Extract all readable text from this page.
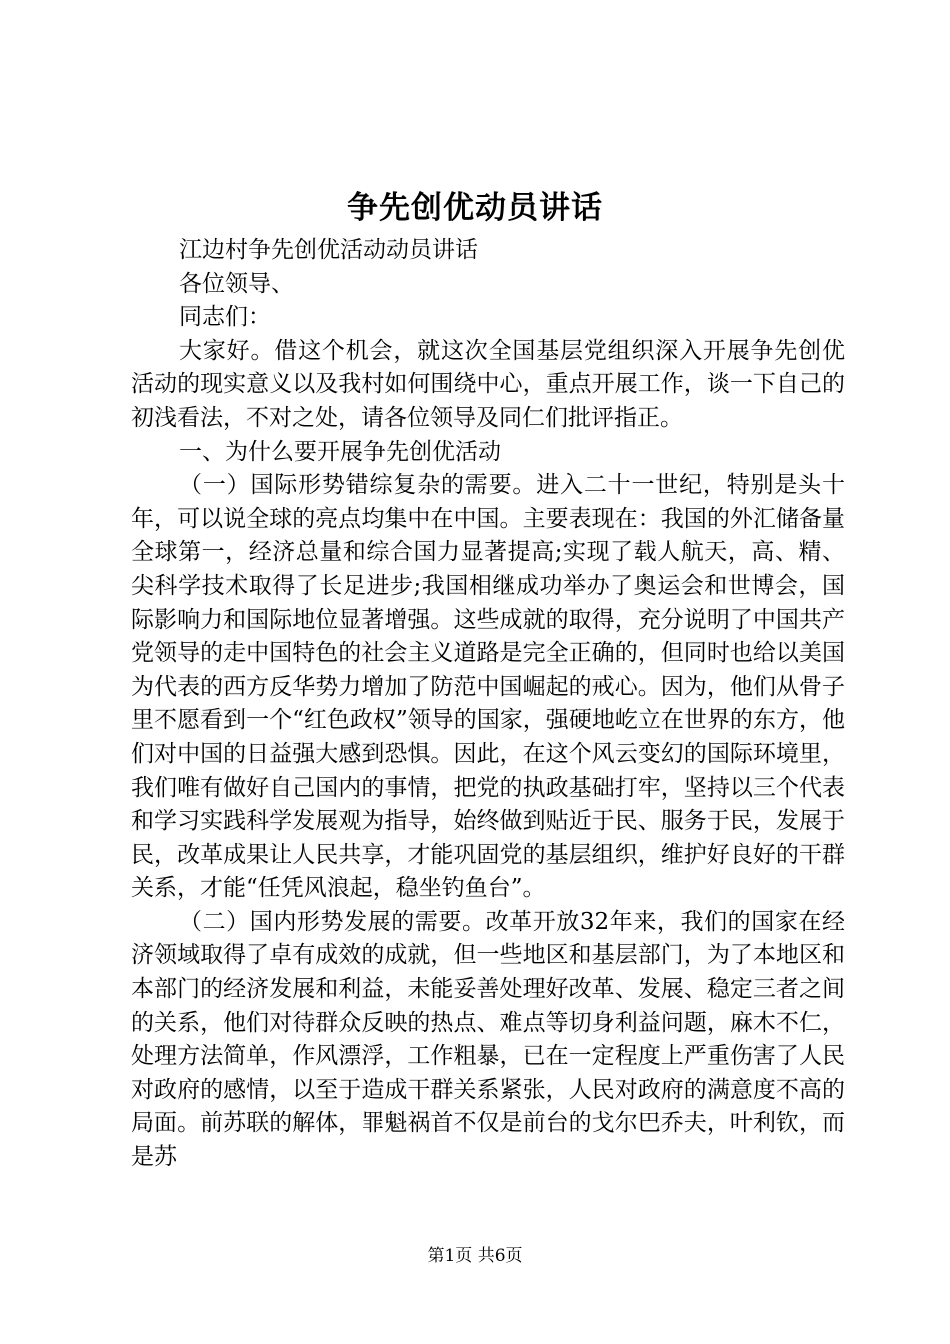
争先创优动员讲话
江边村争先创优活动动员讲话
各位领导、
同志们：

大家好。借这个机会，就这次全国基层党组织深入开展争先创优活动的现实意义以及我村如何围绕中心，重点开展工作，谈一下自己的初浅看法，不对之处，请各位领导及同仁们批评指正。

一、为什么要开展争先创优活动

（一）国际形势错综复杂的需要。进入二十一世纪，特别是头十年，可以说全球的亮点均集中在中国。主要表现在：我国的外汇储备量全球第一，经济总量和综合国力显著提高;实现了载人航天，高、精、尖科学技术取得了长足进步;我国相继成功举办了奥运会和世博会，国际影响力和国际地位显著增强。这些成就的取得，充分说明了中国共产党领导的走中国特色的社会主义道路是完全正确的，但同时也给以美国为代表的西方反华势力增加了防范中国崛起的戒心。因为，他们从骨子里不愿看到一个“红色政权”领导的国家，强硬地屹立在世界的东方，他们对中国的日益强大感到恐惧。因此，在这个风云变幻的国际环境里，我们唯有做好自己国内的事情，把党的执政基础打牢，坚持以三个代表和学习实践科学发展观为指导，始终做到贴近于民、服务于民，发展于民，改革成果让人民共享，才能巩固党的基层组织，维护好良好的干群关系，才能“任凭风浪起，稳坐钓鱼台”。

（二）国内形势发展的需要。改革开放32年来，我们的国家在经济领域取得了卓有成效的成就，但一些地区和基层部门，为了本地区和本部门的经济发展和利益，未能妥善处理好改革、发展、稳定三者之间的关系，他们对待群众反映的热点、难点等切身利益问题，麻木不仁，处理方法简单，作风漂浮，工作粗暴，已在一定程度上严重伤害了人民对政府的感情，以至于造成干群关系紧张，人民对政府的满意度不高的局面。前苏联的解体，罪魁祸首不仅是前台的戈尔巴乔夫，叶利钦，而是苏

第1页 共6页
